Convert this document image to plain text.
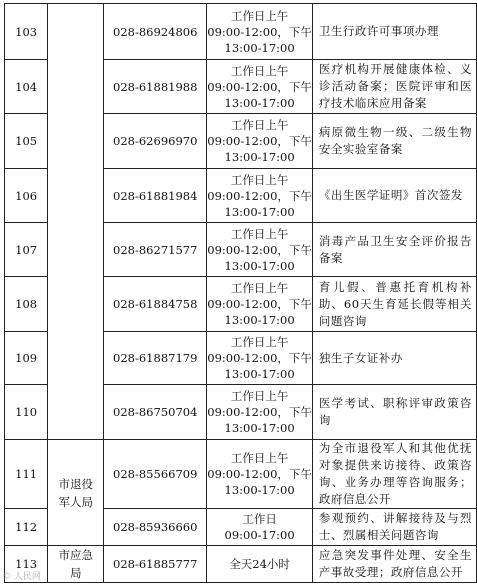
103		028-86924806	工作日上午
09:00-12:00，下午
13:00-17:00	卫生行政许可事项办理
104		028-61881988	工作日上午
09:00-12:00，下午
13:00-17:00	医疗机构开展健康体检、义诊活动备案；医院评审和医疗技术临床应用备案
105		028-62696970	工作日上午
09:00-12:00，下午
13:00-17:00	病原微生物一级、二级生物安全实验室备案
106		028-61881984	工作日上午
09:00-12:00，下午
13:00-17:00	《出生医学证明》首次签发
107		028-86271577	工作日上午
09:00-12:00，下午
13:00-17:00	消毒产品卫生安全评价报告备案
108		028-61884758	工作日上午
09:00-12:00，下午
13:00-17:00	育儿假、普惠托育机构补助、60天生育延长假等相关问题咨询
109		028-61887179	工作日上午
09:00-12:00，下午
13:00-17:00	独生子女证补办
110		028-86750704	工作日上午
09:00-12:00，下午
13:00-17:00	医学考试、职称评审政策咨询
111	市退役
军人局	028-85566709	工作日上午
09:00-12:00，下午
13:00-17:00	为全市退役军人和其他优抚对象提供来访接待、政策咨询、业务办理等咨询服务；政府信息公开
112		028-85936660	工作日
09:00-17:00	参观预约、讲解接待及与烈士、烈属相关问题咨询
113	市应急
局	028-61885777	全天24小时	应急突发事件处理、安全生产事故受理；政府信息公开
© 人民网
